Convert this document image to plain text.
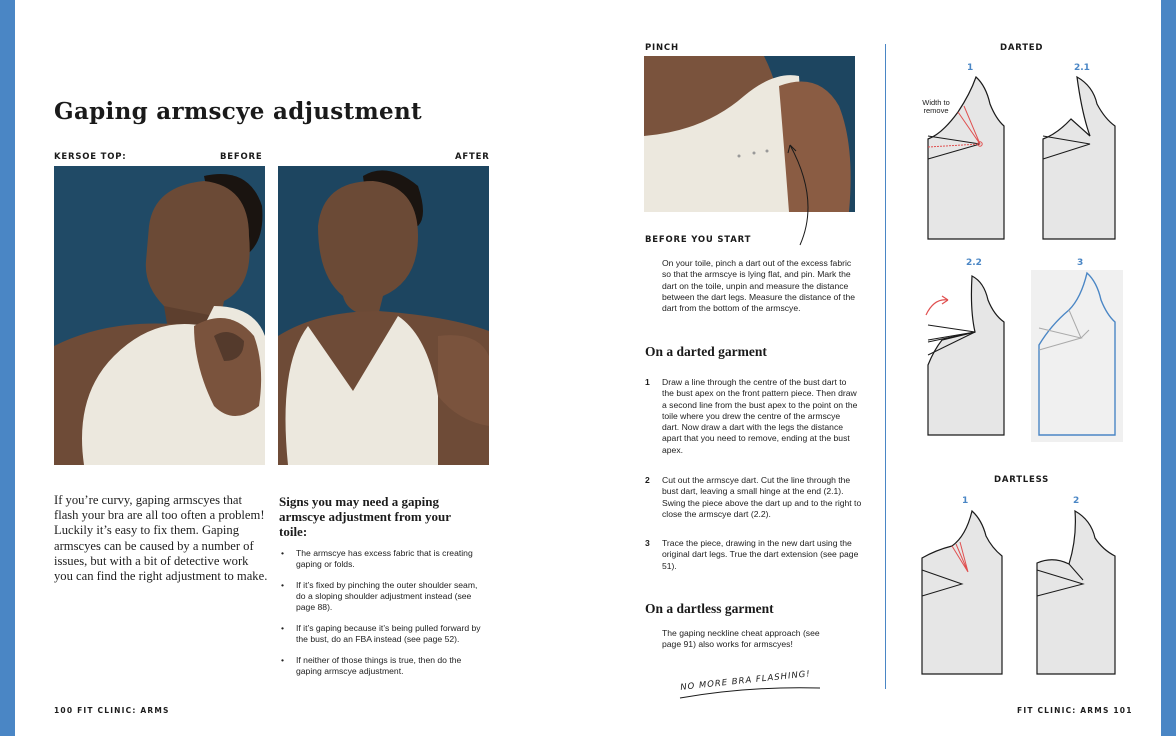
Gaping armscye adjustment
KERSOE TOP:	BEFORE	AFTER
If you’re curvy, gaping armscyes that flash your bra are all too often a problem! Luckily it’s easy to fix them. Gaping armscyes can be caused by a number of issues, but with a bit of detective work you can find the right adjustment to make.
Signs you may need a gaping armscye adjustment from your toile:
• The armscye has excess fabric that is creating gaping or folds.
• If it’s fixed by pinching the outer shoulder seam, do a sloping shoulder adjustment instead (see page 88).
• If it’s gaping because it’s being pulled forward by the bust, do an FBA instead (see page 52).
• If neither of those things is true, then do the gaping armscye adjustment.
100 FIT CLINIC: ARMS
PINCH
BEFORE YOU START
On your toile, pinch a dart out of the excess fabric so that the armscye is lying flat, and pin. Mark the dart on the toile, unpin and measure the distance between the dart legs. Measure the distance of the dart from the bottom of the armscye.
On a darted garment
1 Draw a line through the centre of the bust dart to the bust apex on the front pattern piece. Then draw a second line from the bust apex to the point on the toile where you drew the centre of the armscye dart. Now draw a dart with the legs the distance apart that you need to remove, ending at the bust apex.
2 Cut out the armscye dart. Cut the line through the bust dart, leaving a small hinge at the end (2.1). Swing the piece above the dart up and to the right to close the armscye dart (2.2).
3 Trace the piece, drawing in the new dart using the original dart legs. True the dart extension (see page 51).
On a dartless garment
The gaping neckline cheat approach (see page 91) also works for armscyes!
NO MORE BRA FLASHING!
DARTED
1	2.1
2.2	3
Width to remove
DARTLESS
1	2
FIT CLINIC: ARMS 101
